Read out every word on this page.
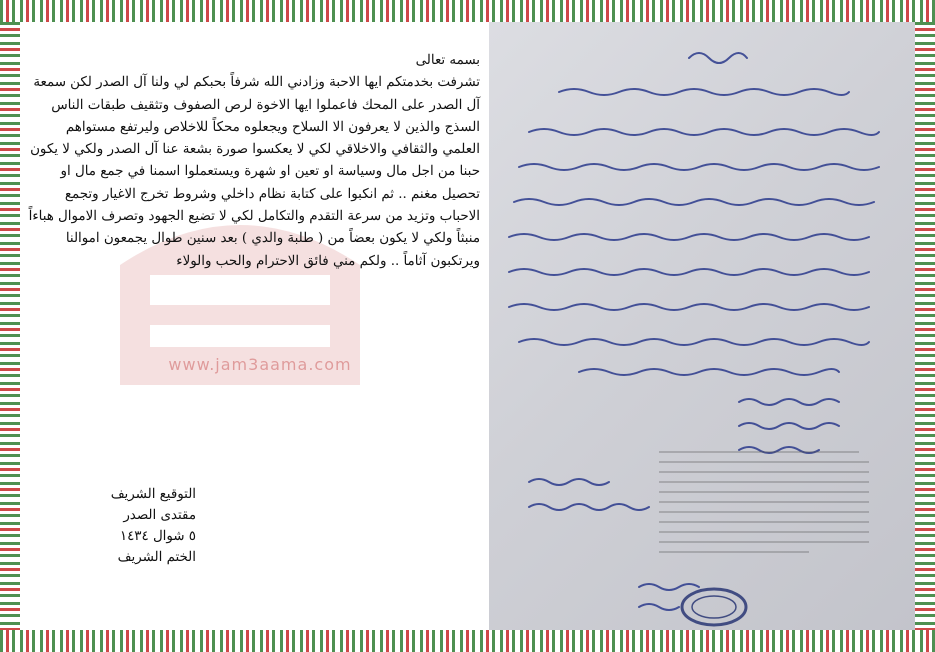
www.jam3aama.com

بسمه تعالى

تشرفت بخدمتكم ايها الاحبة وزادني الله شرفاً بحبكم لي ولنا آل الصدر لكن سمعة آل الصدر على المحك فاعملوا ايها الاخوة لرص الصفوف وتثقيف طبقات الناس السذج والذين لا يعرفون الا السلاح ويجعلوه محكاً للاخلاص وليرتفع مستواهم العلمي والثقافي والاخلاقي لكي لا يعكسوا صورة بشعة عنا آل الصدر ولكي لا يكون حبنا من اجل مال وسياسة او تعين او شهرة ويستعملوا اسمنا في جمع مال او تحصيل مغنم .. ثم انكبوا على كتابة نظام داخلي وشروط تخرج الاغيار وتجمع الاحباب وتزيد من سرعة التقدم والتكامل لكي لا تضيع الجهود وتصرف الاموال هباءاً منبثاً ولكي لا يكون بعضاً من ( طلبة والدي ) بعد سنين طوال يجمعون اموالنا ويرتكبون آثاماً .. ولكم مني فائق الاحترام والحب والولاء

التوقيع الشريف
مقتدى الصدر
٥ شوال ١٤٣٤
الختم الشريف
